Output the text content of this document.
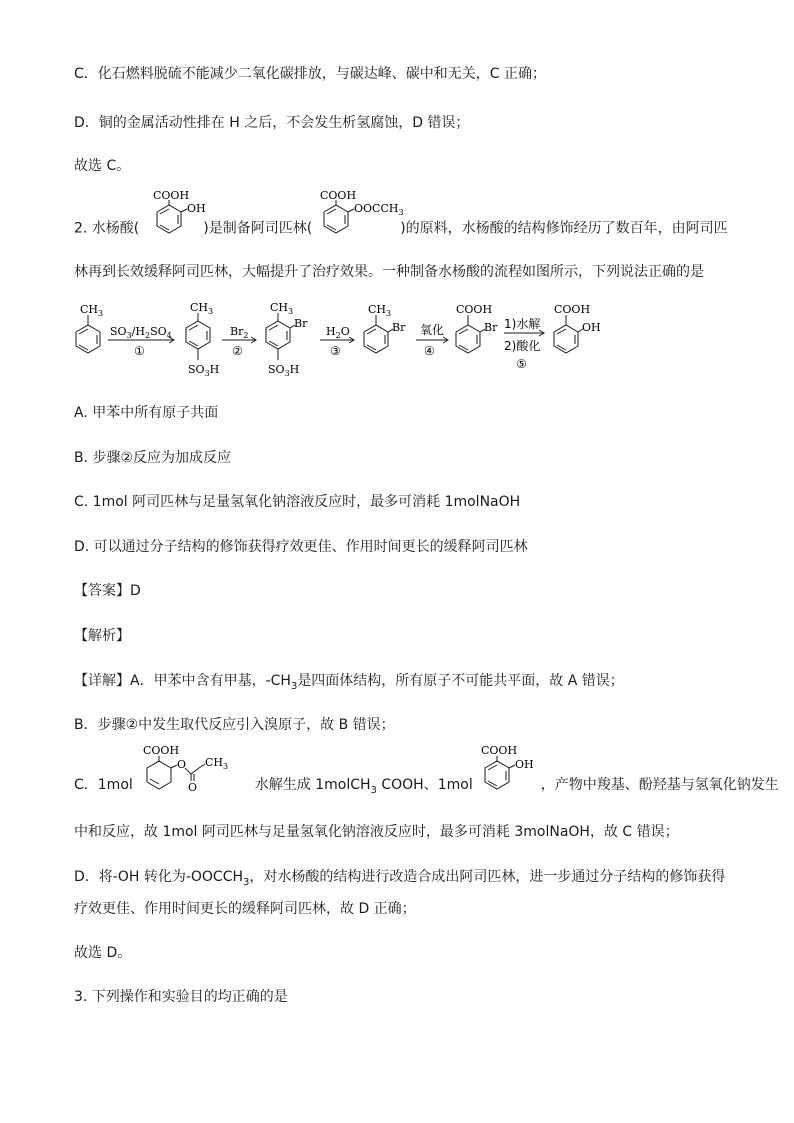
C．化石燃料脱硫不能减少二氧化碳排放，与碳达峰、碳中和无关，C 正确；
D．铜的金属活动性排在 H 之后，不会发生析氢腐蚀，D 错误；
故选 C。
2. 水杨酸(
COOH
OH
)是制备阿司匹林(
COOH
$OOCCH_3$
)的原料，水杨酸的结构修饰经历了数百年，由阿司匹
林再到长效缓释阿司匹林，大幅提升了治疗效果。一种制备水杨酸的流程如图所示，下列说法正确的是
$CH_3$
$SO_3/H_2SO_4$
①
$CH_3$
$SO_3H$
$Br_2$
②
$CH_3$
Br
$SO_3H$
$H_2O$
③
$CH_3$
Br 氧化
④
COOH
Br 1)水解
2)酸化
⑤
COOH
OH
A. 甲苯中所有原子共面
B. 步骤②反应为加成反应
C. 1mol 阿司匹林与足量氢氧化钠溶液反应时，最多可消耗 1molNaOH
D. 可以通过分子结构的修饰获得疗效更佳、作用时间更长的缓释阿司匹林
【答案】D
【解析】
【详解】A．甲苯中含有甲基，$-CH_3$是四面体结构，所有原子不可能共平面，故 A 错误；
B．步骤②中发生取代反应引入溴原子，故 B 错误；
C．1mol
COOH
O
O
$CH_3$
水解生成 1molCH$_3$ COOH、1mol
COOH
OH
，产物中羧基、酚羟基与氢氧化钠发生
中和反应，故 1mol 阿司匹林与足量氢氧化钠溶液反应时，最多可消耗 3molNaOH，故 C 错误；
D．将-OH 转化为$-OOCCH_3$，对水杨酸的结构进行改造合成出阿司匹林，进一步通过分子结构的修饰获得
疗效更佳、作用时间更长的缓释阿司匹林，故 D 正确；
故选 D。
3. 下列操作和实验目的均正确的是
